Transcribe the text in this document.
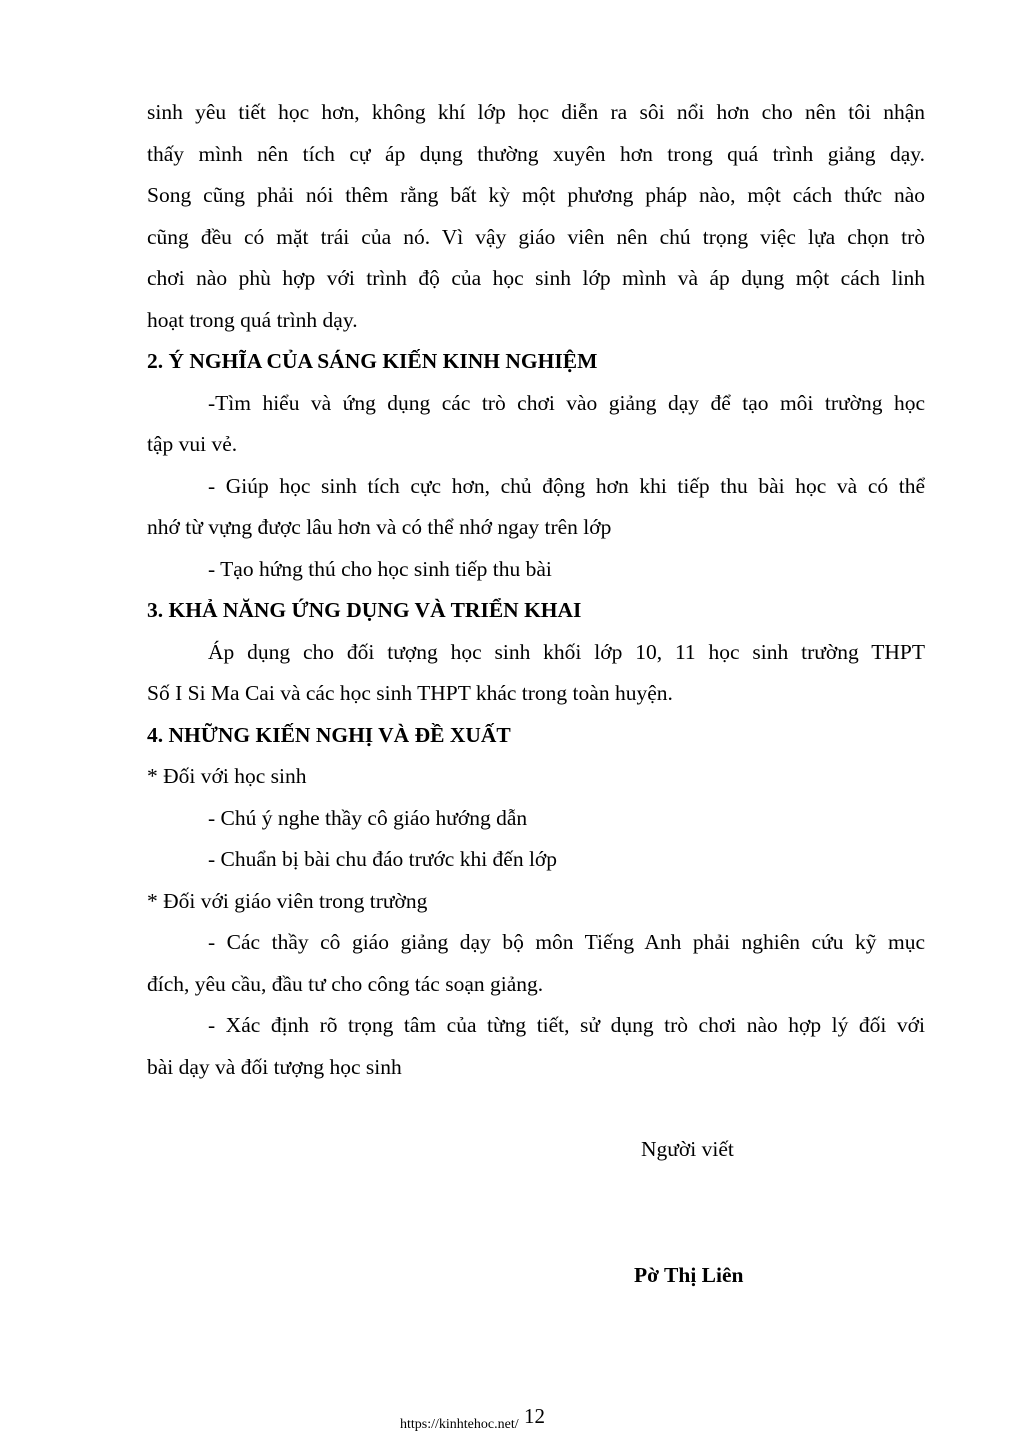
sinh yêu tiết học hơn, không khí lớp học diễn ra sôi nổi hơn cho nên tôi nhận
thấy mình nên tích cự áp dụng thường xuyên hơn trong quá trình giảng dạy.
Song cũng phải nói thêm rằng bất kỳ một phương pháp nào, một cách thức nào
cũng đều có mặt trái của nó. Vì vậy giáo viên nên chú trọng việc lựa chọn trò
chơi nào phù hợp với trình độ của học sinh lớp mình và áp dụng một cách linh
hoạt trong quá trình dạy.
2. Ý NGHĨA CỦA SÁNG KIẾN KINH NGHIỆM
-Tìm hiểu và ứng dụng các trò chơi vào giảng dạy để tạo môi trường học
tập vui vẻ.
- Giúp học sinh tích cực hơn, chủ động hơn khi tiếp thu bài học và có thể
nhớ từ vựng được lâu hơn và có thể nhớ ngay trên lớp
- Tạo hứng thú cho học sinh tiếp thu bài
3. KHẢ NĂNG ỨNG DỤNG VÀ TRIỂN KHAI
Áp dụng cho đối tượng học sinh khối lớp 10, 11 học sinh trường THPT
Số I Si Ma Cai và các học sinh THPT khác trong toàn huyện.
4. NHỮNG KIẾN NGHỊ VÀ ĐỀ XUẤT
* Đối với học sinh
- Chú ý nghe thầy cô giáo hướng dẫn
- Chuẩn bị bài chu đáo trước khi đến lớp
* Đối với giáo viên trong trường
- Các thầy cô giáo giảng dạy bộ môn Tiếng Anh phải nghiên cứu kỹ mục
đích, yêu cầu, đầu tư cho công tác soạn giảng.
- Xác định rõ trọng tâm của từng tiết, sử dụng trò chơi nào hợp lý đối với
bài dạy và đối tượng học sinh
Người viết
Pờ Thị Liên
12
https://kinhtehoc.net/
